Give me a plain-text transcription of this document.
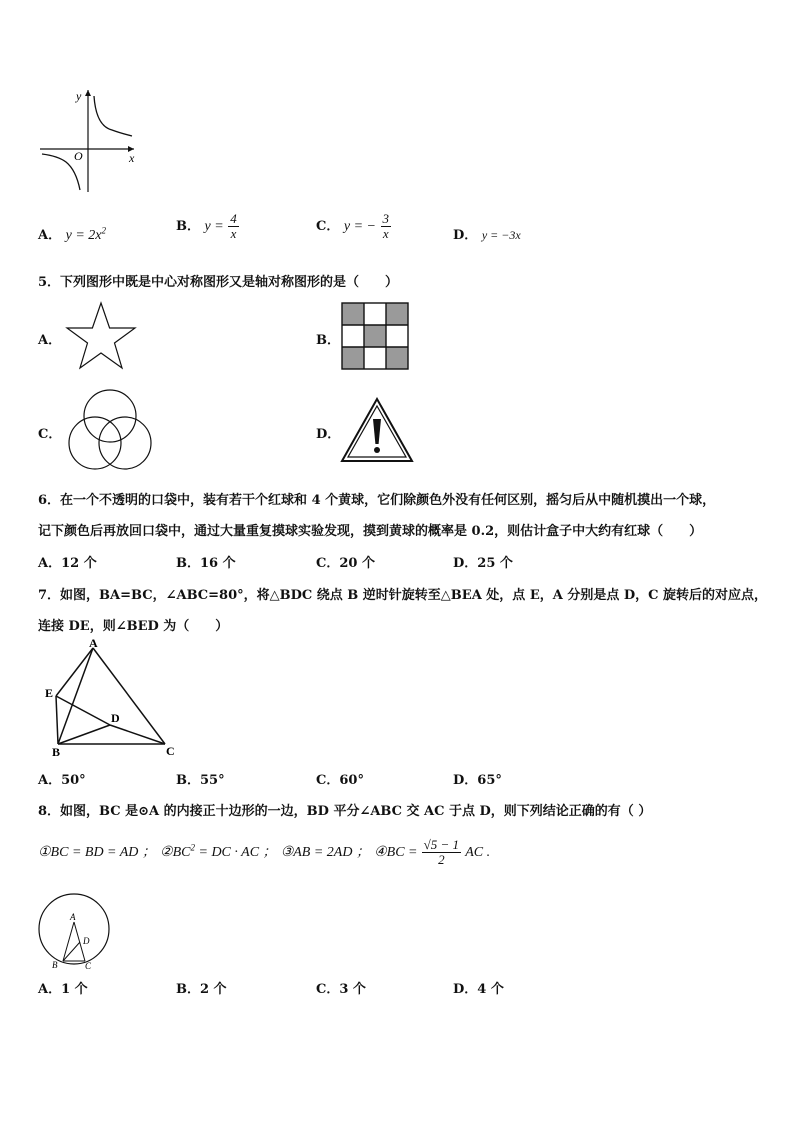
y
x
O
A． $y = 2x^2$	B． $y = \frac{4}{x}$	C． y = − $\frac{3}{x}$	D． y = −3x
5．下列图形中既是中心对称图形又是轴对称图形的是（　　）
A．	B．
C．	D．
6．在一个不透明的口袋中，装有若干个红球和 4 个黄球，它们除颜色外没有任何区别，摇匀后从中随机摸出一个球，
记下颜色后再放回口袋中，通过大量重复摸球实验发现，摸到黄球的概率是 0.2，则估计盒子中大约有红球（　　）
A．12 个	B．16 个	C．20 个	D．25 个
7．如图，BA=BC，∠ABC=80°，将△BDC 绕点 B 逆时针旋转至△BEA 处，点 E，A 分别是点 D，C 旋转后的对应点，
连接 DE，则∠BED 为（　　）
A
E
D
B	C
A．50°	B．55°	C．60°	D．65°
8．如图，BC 是⊙A 的内接正十边形的一边，BD 平分∠ABC 交 AC 于点 D，则下列结论正确的有（ ）
①BC = BD = AD ； $②BC^2$ = DC · AC ； ③AB = 2AD ； ④BC = $\frac{√5 - 1}{2}$ AC .
A
D
B	C
A．1 个	B．2 个	C．3 个	D．4 个
